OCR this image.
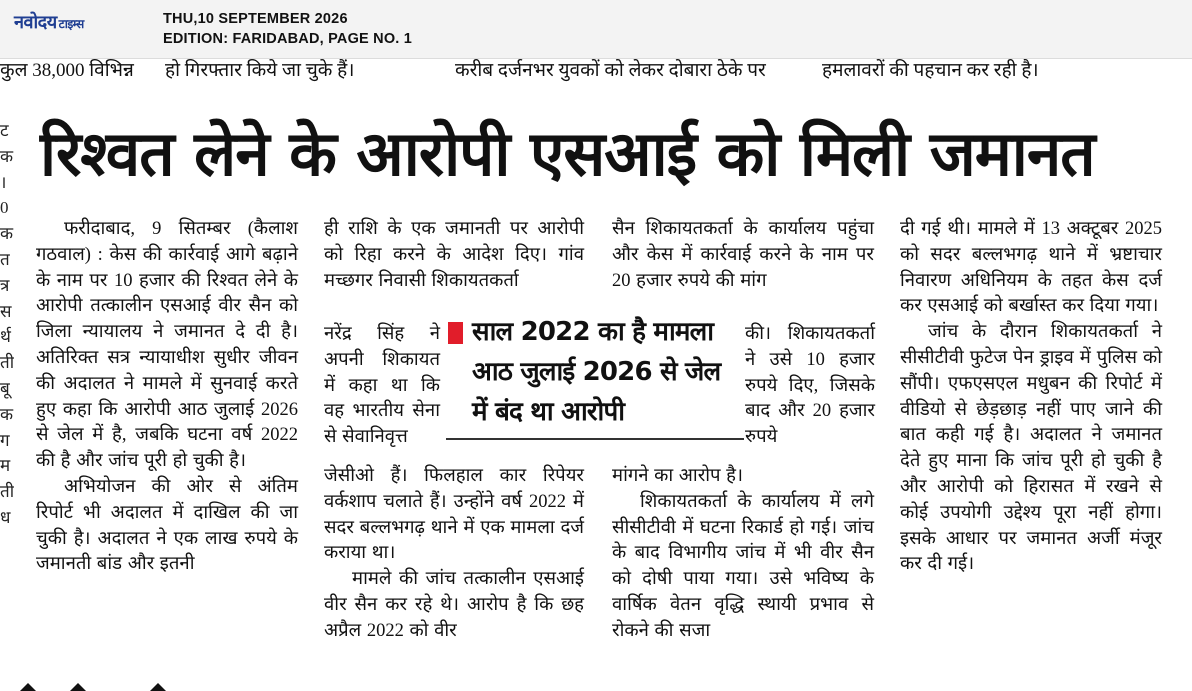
नवोदय टाइम्स	THU,10 SEPTEMBER 2026
EDITION: FARIDABAD, PAGE NO. 1
कुल 38,000 विभिन्न	हो गिरफ्तार किये जा चुके हैं।	करीब दर्जनभर युवकों को लेकर दोबारा ठेके पर	हमलावरों की पहचान कर रही है।
ट
क
।
0
क
त
त्र
स
र्थ
ती
बू
क
ग
म
ती
ध
रिश्वत लेने के आरोपी एसआई को मिली जमानत

फरीदाबाद, 9 सितम्बर (कैलाश गठवाल) : केस की कार्रवाई आगे बढ़ाने के नाम पर 10 हजार की रिश्वत लेने के आरोपी तत्कालीन एसआई वीर सैन को जिला न्यायालय ने जमानत दे दी है। अतिरिक्त सत्र न्यायाधीश सुधीर जीवन की अदालत ने मामले में सुनवाई करते हुए कहा कि आरोपी आठ जुलाई 2026 से जेल में है, जबकि घटना वर्ष 2022 की है और जांच पूरी हो चुकी है।

अभियोजन की ओर से अंतिम रिपोर्ट भी अदालत में दाखिल की जा चुकी है। अदालत ने एक लाख रुपये के जमानती बांड और इतनी

ही राशि के एक जमानती पर आरोपी को रिहा करने के आदेश दिए। गांव मच्छगर निवासी शिकायतकर्ता

नरेंद्र सिंह ने अपनी शिकायत में कहा था कि वह भारतीय सेना से सेवानिवृत्त

जेसीओ हैं। फिलहाल कार रिपेयर वर्कशाप चलाते हैं। उन्होंने वर्ष 2022 में सदर बल्लभगढ़ थाने में एक मामला दर्ज कराया था।

मामले की जांच तत्कालीन एसआई वीर सैन कर रहे थे। आरोप है कि छह अप्रैल 2022 को वीर

सैन शिकायतकर्ता के कार्यालय पहुंचा और केस में कार्रवाई करने के नाम पर 20 हजार रुपये की मांग

की। शिकायतकर्ता ने उसे 10 हजार रुपये दिए, जिसके बाद और 20 हजार रुपये

मांगने का आरोप है।

शिकायतकर्ता के कार्यालय में लगे सीसीटीवी में घटना रिकार्ड हो गई। जांच के बाद विभागीय जांच में भी वीर सैन को दोषी पाया गया। उसे भविष्य के वार्षिक वेतन वृद्धि स्थायी प्रभाव से रोकने की सजा

दी गई थी। मामले में 13 अक्टूबर 2025 को सदर बल्लभगढ़ थाने में भ्रष्टाचार निवारण अधिनियम के तहत केस दर्ज कर एसआई को बर्खास्त कर दिया गया।

जांच के दौरान शिकायतकर्ता ने सीसीटीवी फुटेज पेन ड्राइव में पुलिस को सौंपी। एफएसएल मधुबन की रिपोर्ट में वीडियो से छेड़छाड़ नहीं पाए जाने की बात कही गई है। अदालत ने जमानत देते हुए माना कि जांच पूरी हो चुकी है और आरोपी को हिरासत में रखने से कोई उपयोगी उद्देश्य पूरा नहीं होगा। इसके आधार पर जमानत अर्जी मंजूर कर दी गई।

साल 2022 का है मामला आठ जुलाई 2026 से जेल में बंद था आरोपी
